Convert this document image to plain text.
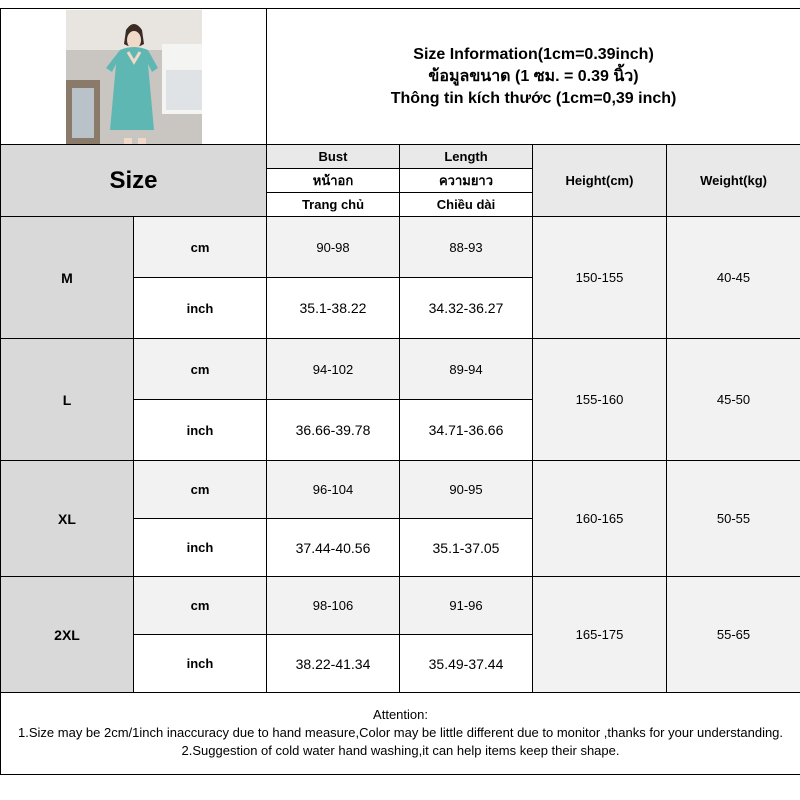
Size Information(1cm=0.39inch)
ข้อมูลขนาด (1 ซม. = 0.39 นิ้ว)
Thông tin kích thước (1cm=0,39 inch)			

Size		Bust	Length	Height(cm)	Weight(kg)
		หน้าอก	ความยาว		
		Trang chủ	Chiều dài		
M	cm	90-98	88-93	150-155	40-45
	inch	35.1-38.22	34.32-36.27		
L	cm	94-102	89-94	155-160	45-50
	inch	36.66-39.78	34.71-36.66		
XL	cm	96-104	90-95	160-165	50-55
	inch	37.44-40.56	35.1-37.05		
2XL	cm	98-106	91-96	165-175	55-65
	inch	38.22-41.34	35.49-37.44		

Attention:
1.Size may be 2cm/1inch inaccuracy due to hand measure,Color may be little different due to monitor ,thanks for your understanding.
2.Suggestion of cold water hand washing,it can help items keep their shape.					
